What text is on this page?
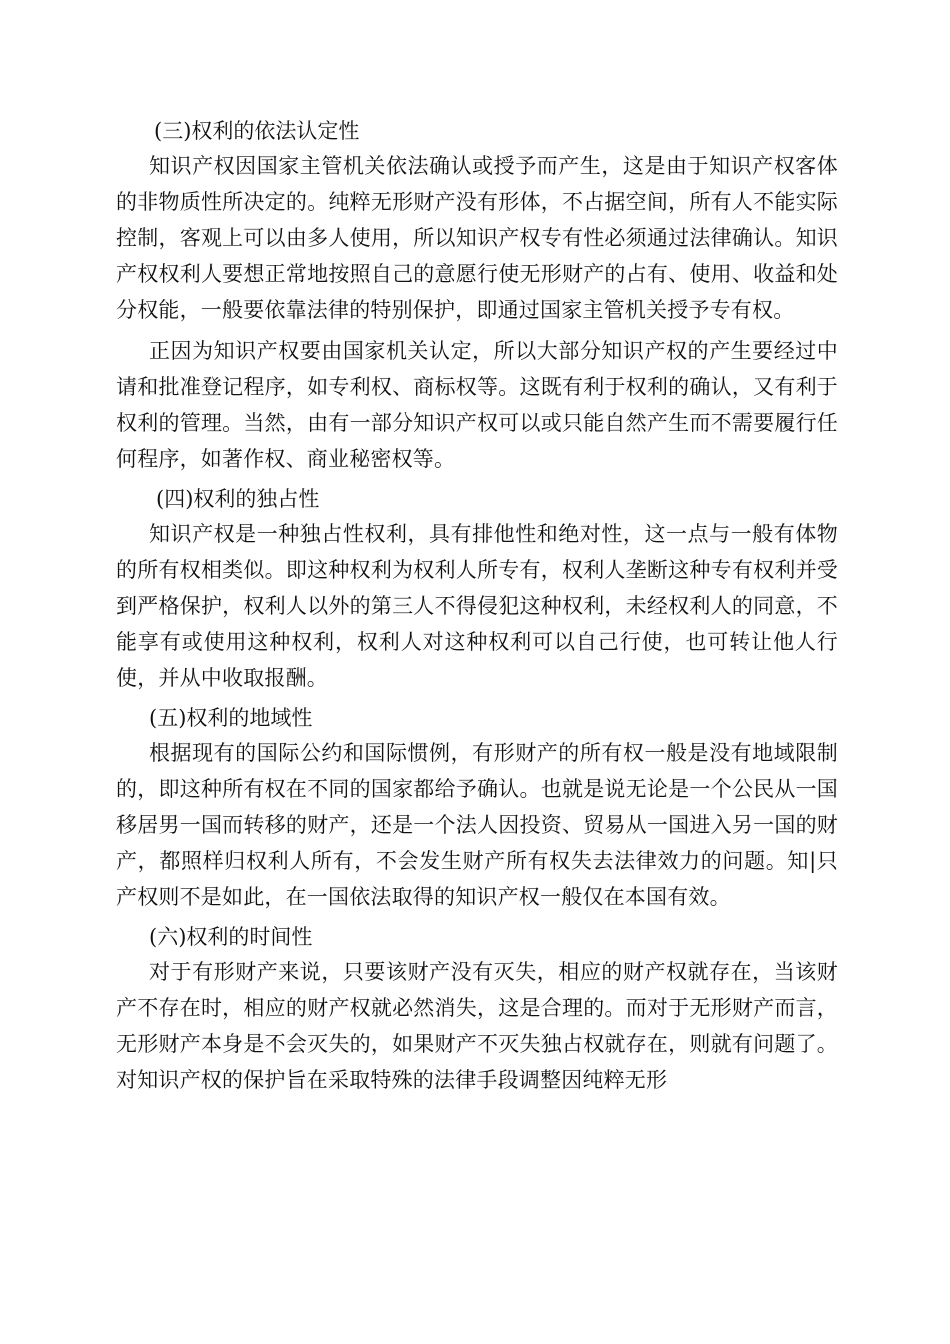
(三)权利的依法认定性

知识产权因国家主管机关依法确认或授予而产生，这是由于知识产权客体的非物质性所决定的。纯粹无形财产没有形体，不占据空间，所有人不能实际控制，客观上可以由多人使用，所以知识产权专有性必须通过法律确认。知识产权权利人要想正常地按照自己的意愿行使无形财产的占有、使用、收益和处分权能，一般要依靠法律的特别保护，即通过国家主管机关授予专有权。

正因为知识产权要由国家机关认定，所以大部分知识产权的产生要经过中请和批准登记程序，如专利权、商标权等。这既有利于权利的确认，又有利于权利的管理。当然，由有一部分知识产权可以或只能自然产生而不需要履行任何程序，如著作权、商业秘密权等。

(四)权利的独占性

知识产权是一种独占性权利，具有排他性和绝对性，这一点与一般有体物的所有权相类似。即这种权利为权利人所专有，权利人垄断这种专有权利并受到严格保护，权利人以外的第三人不得侵犯这种权利，未经权利人的同意，不能享有或使用这种权利，权利人对这种权利可以自己行使，也可转让他人行使，并从中收取报酬。

(五)权利的地域性

根据现有的国际公约和国际惯例，有形财产的所有权一般是没有地域限制的，即这种所有权在不同的国家都给予确认。也就是说无论是一个公民从一国移居男一国而转移的财产，还是一个法人因投资、贸易从一国进入另一国的财产，都照样归权利人所有，不会发生财产所有权失去法律效力的问题。知|只产权则不是如此，在一国依法取得的知识产权一般仅在本国有效。

(六)权利的时间性

对于有形财产来说，只要该财产没有灭失，相应的财产权就存在，当该财产不存在时，相应的财产权就必然消失，这是合理的。而对于无形财产而言，无形财产本身是不会灭失的，如果财产不灭失独占权就存在，则就有问题了。 对知识产权的保护旨在采取特殊的法律手段调整因纯粹无形
